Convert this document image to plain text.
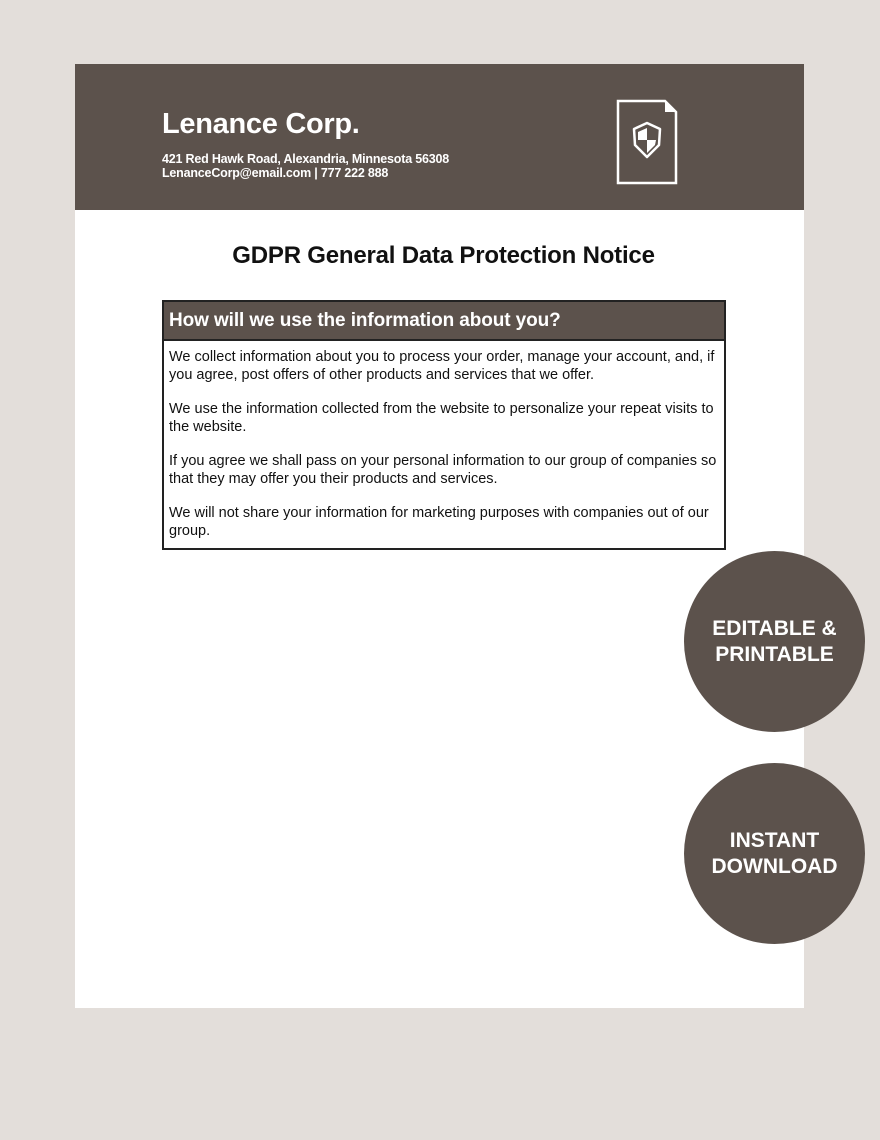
Lenance Corp.
421 Red Hawk Road, Alexandria, Minnesota 56308
LenanceCorp@email.com | 777 222 888
GDPR General Data Protection Notice
How will we use the information about you?

We collect information about you to process your order, manage your account, and, if you agree, post offers of other products and services that we offer.

We use the information collected from the website to personalize your repeat visits to the website.

If you agree we shall pass on your personal information to our group of companies so that they may offer you their products and services.

We will not share your information for marketing purposes with companies out of our group.

EDITABLE &
PRINTABLE
INSTANT
DOWNLOAD
